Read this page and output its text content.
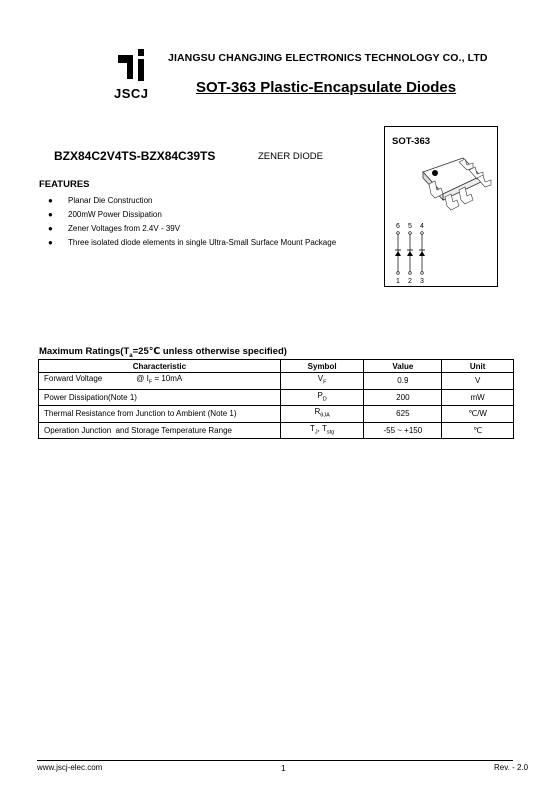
JSCJ
JIANGSU CHANGJING ELECTRONICS TECHNOLOGY CO., LTD
SOT-363 Plastic-Encapsulate Diodes
BZX84C2V4TS-BZX84C39TS	ZENER DIODE
FEATURES
●	Planar Die Construction
●	200mW Power Dissipation
●	Zener Voltages from 2.4V - 39V
●	Three isolated diode elements in single Ultra-Small Surface Mount Package
SOT-363
6 5 4
1 2 3
Maximum $Ratings(T_a=25℃$ unless otherwise specified)
Characteristic	Symbol	Value	Unit
Forward Voltage @ $I_F = 10mA$	$V_F$	0.9	V
Power Dissipation(Note 1)	$P_D$	200	mW
Thermal Resistance from Junction to Ambient (Note 1)	$R_{\theta JA}$	625	℃/W
Operation Junction  and Storage Temperature Range	$T_J$, $T_{stg}$	-55 ~ +150	℃
www.jscj-elec.com	1	Rev. - 2.0
